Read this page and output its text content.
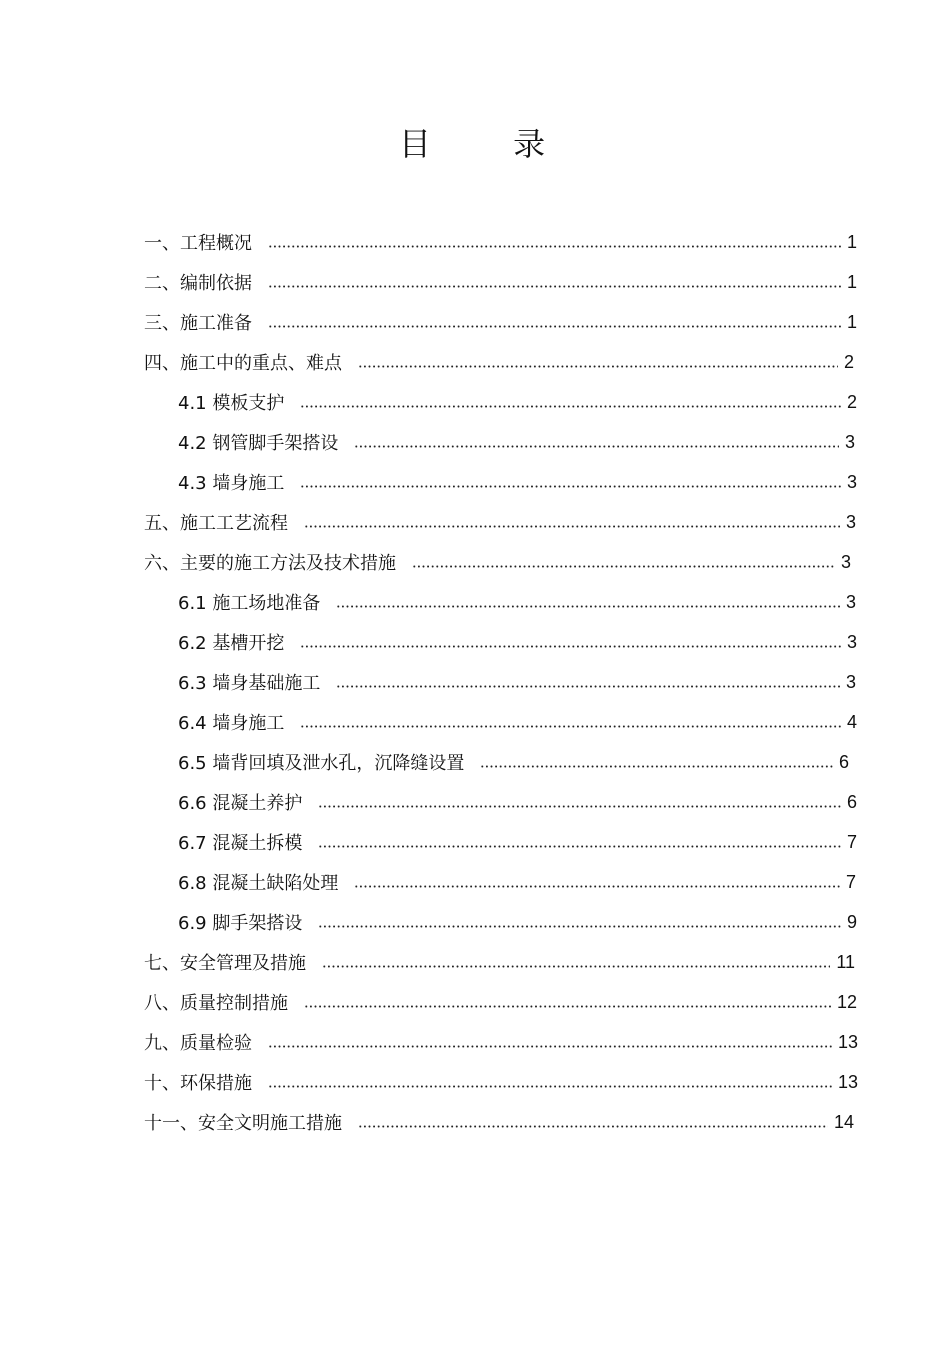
目 录
一、工程概况	1
二、编制依据	1
三、施工准备	1
四、施工中的重点、难点	2
4.1 模板支护	2
4.2 钢管脚手架搭设	3
4.3 墙身施工	3
五、施工工艺流程	3
六、主要的施工方法及技术措施	3
6.1 施工场地准备	3
6.2 基槽开挖	3
6.3 墙身基础施工	3
6.4 墙身施工	4
6.5 墙背回填及泄水孔，沉降缝设置	6
6.6 混凝土养护	6
6.7 混凝土拆模	7
6.8 混凝土缺陷处理	7
6.9 脚手架搭设	9
七、安全管理及措施	11
八、质量控制措施	12
九、质量检验	13
十、环保措施	13
十一、安全文明施工措施	14
